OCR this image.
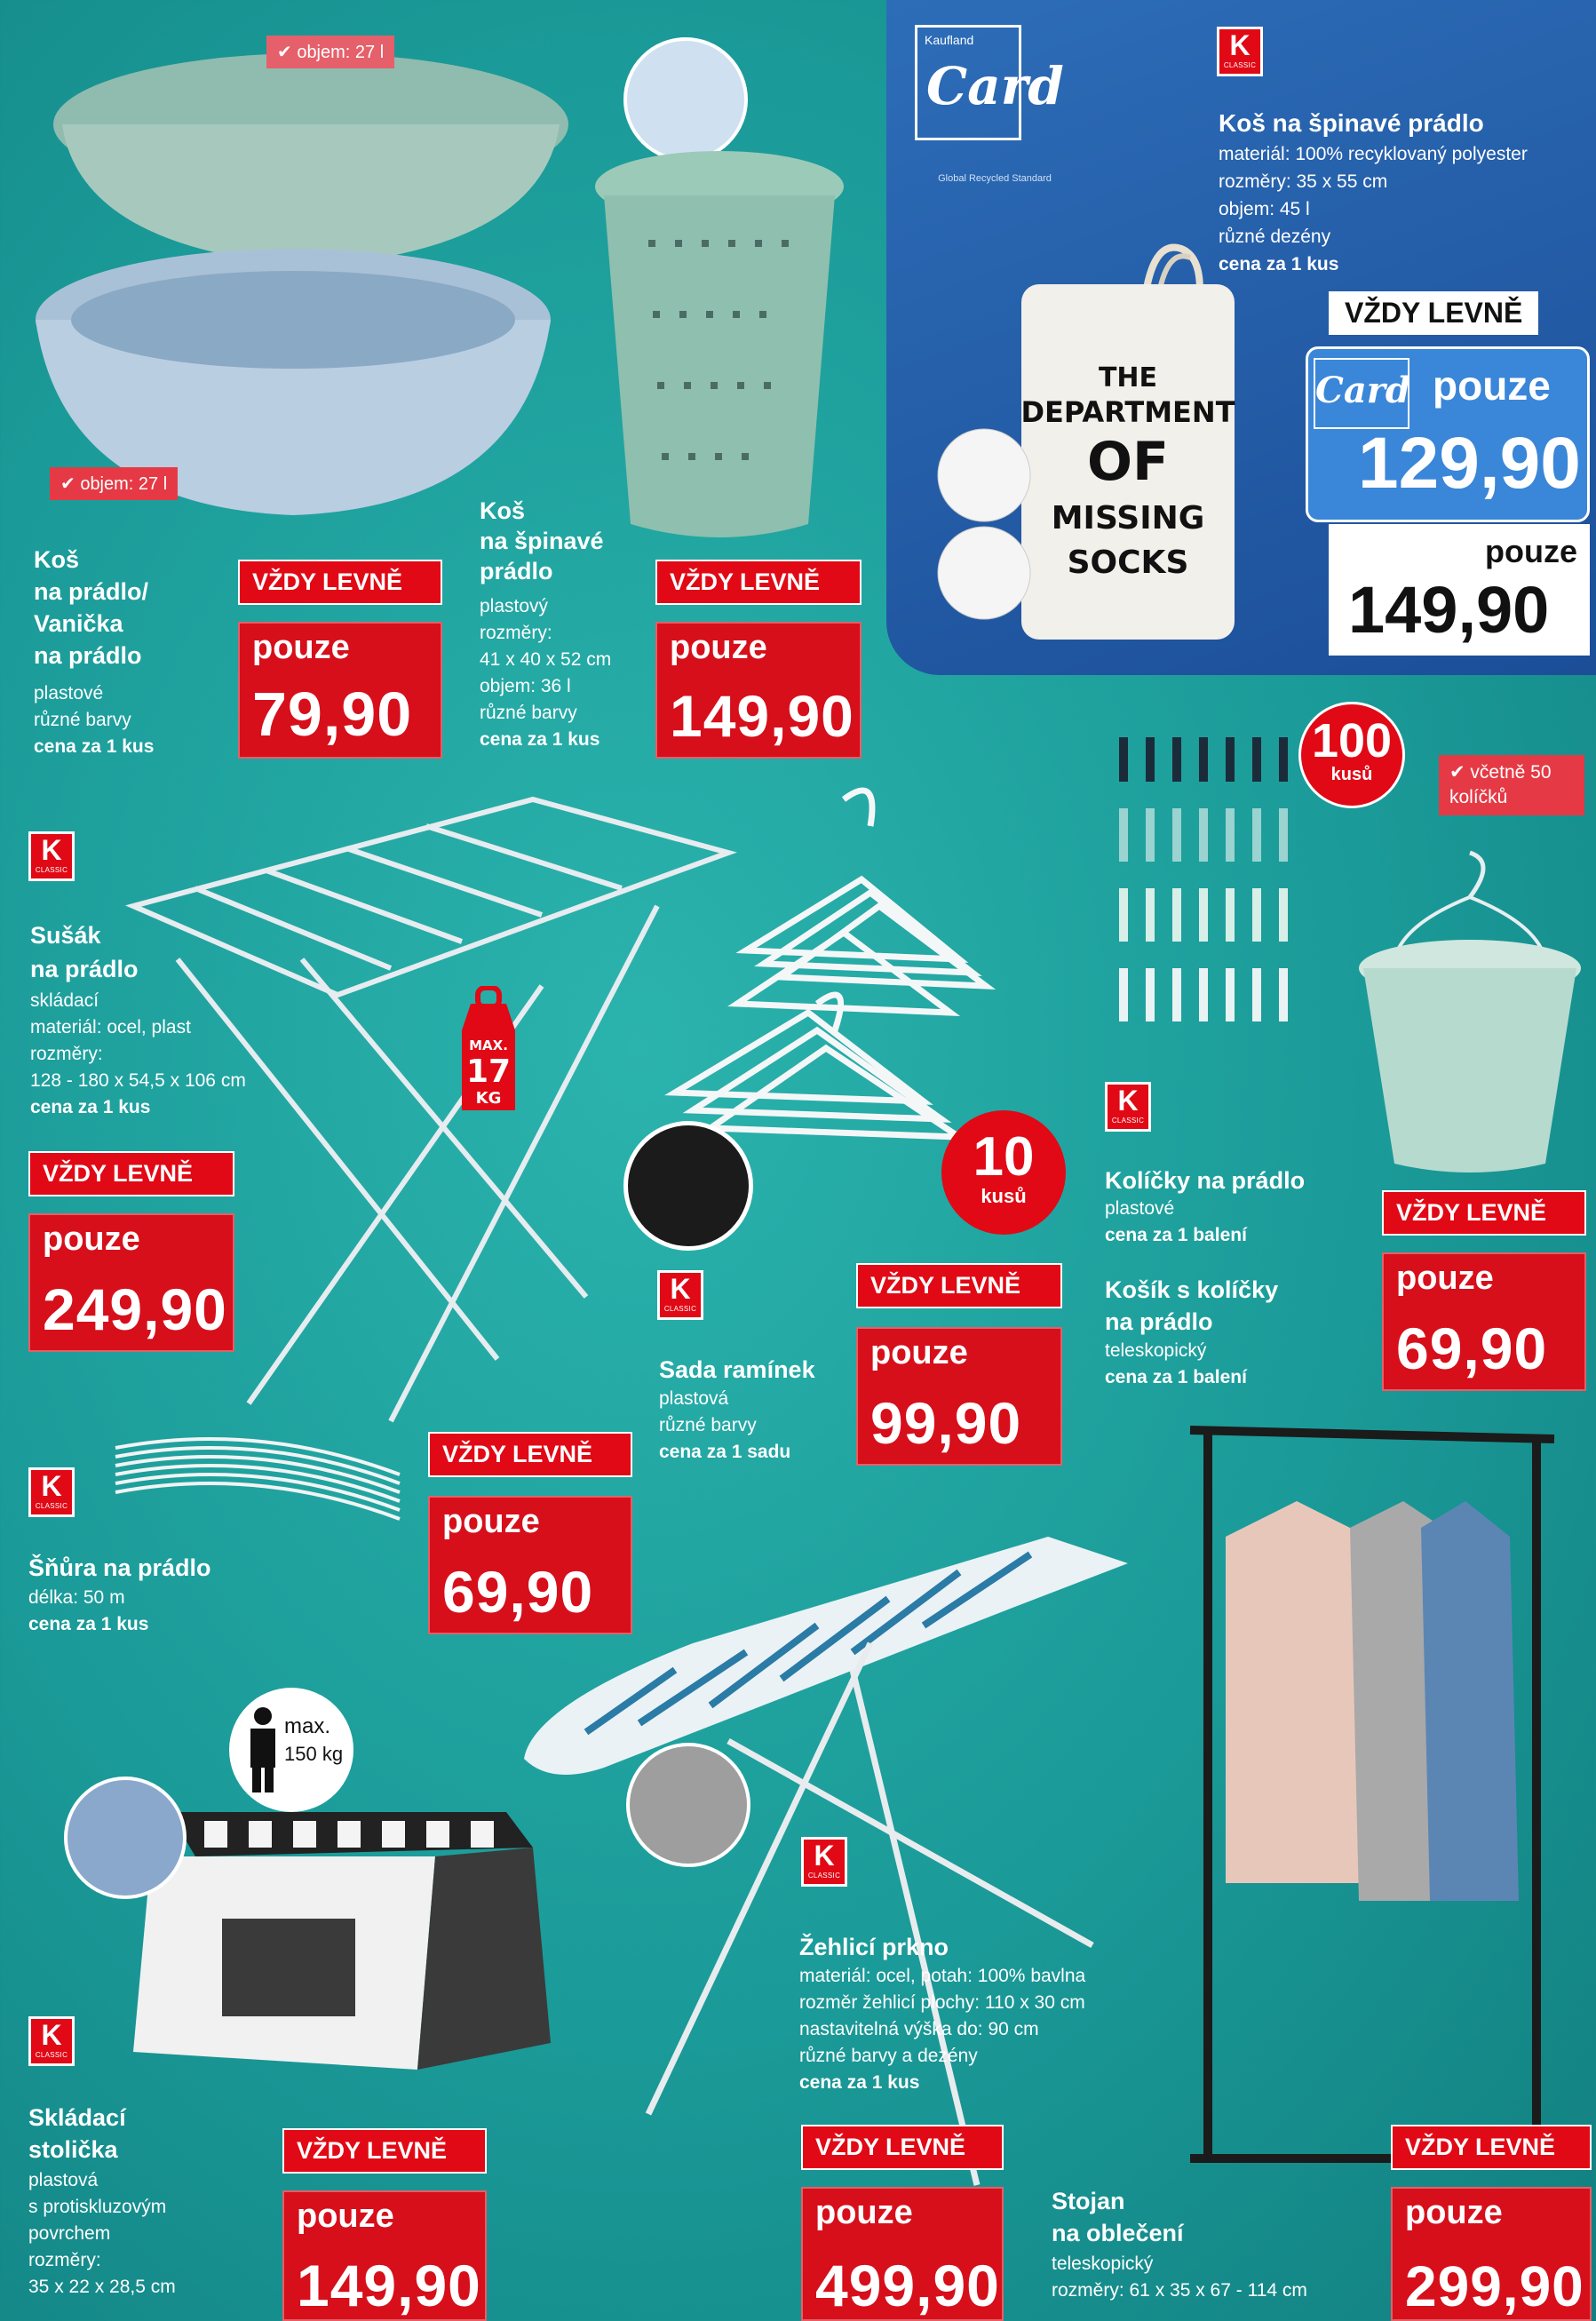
Kaufland
Card
Global Recycled Standard
K
CLASSIC
Koš na špinavé prádlo
materiál: 100% recyklovaný polyester
rozměry: 35 x 55 cm
objem: 45 l
různé dezény
cena za 1 kus
THE
DEPARTMENT
OF
MISSING
SOCKS
VŽDY LEVNĚ
Card pouze
129,90
pouze
149,90
✔ objem: 27 l
✔ objem: 27 l
Koš
na prádlo/
Vanička
na prádlo
plastové
různé barvy
cena za 1 kus
VŽDY LEVNĚ
pouze
79,90
Koš
na špinavé
prádlo
plastový
rozměry:
41 x 40 x 52 cm
objem: 36 l
různé barvy
cena za 1 kus
VŽDY LEVNĚ
pouze
149,90
K
CLASSIC
Sušák
na prádlo
skládací
materiál: ocel, plast
rozměry:
128 - 180 x 54,5 x 106 cm
cena za 1 kus
MAX.
17
KG
VŽDY LEVNĚ
pouze
249,90
10
kusů
K
CLASSIC
Sada ramínek
plastová
různé barvy
cena za 1 sadu
VŽDY LEVNĚ
pouze
99,90
100
kusů	✔ včetně 50 kolíčků
K
CLASSIC
Kolíčky na prádlo
plastové
cena za 1 balení
Košík s kolíčky
na prádlo
teleskopický
cena za 1 balení
VŽDY LEVNĚ
pouze
69,90
K
CLASSIC
Šňůra na prádlo
délka: 50 m
cena za 1 kus
VŽDY LEVNĚ
pouze
69,90
K
CLASSIC
Žehlicí prkno
materiál: ocel, potah: 100% bavlna
rozměr žehlicí plochy: 110 x 30 cm
nastavitelná výška do: 90 cm
různé barvy a dezény
cena za 1 kus
VŽDY LEVNĚ
pouze
499,90
max.
150 kg
K
CLASSIC
Skládací
stolička
plastová
s protiskluzovým
povrchem
rozměry:
35 x 22 x 28,5 cm
VŽDY LEVNĚ
pouze
149,90
Stojan
na oblečení
teleskopický
rozměry: 61 x 35 x 67 - 114 cm
VŽDY LEVNĚ
pouze
299,90
